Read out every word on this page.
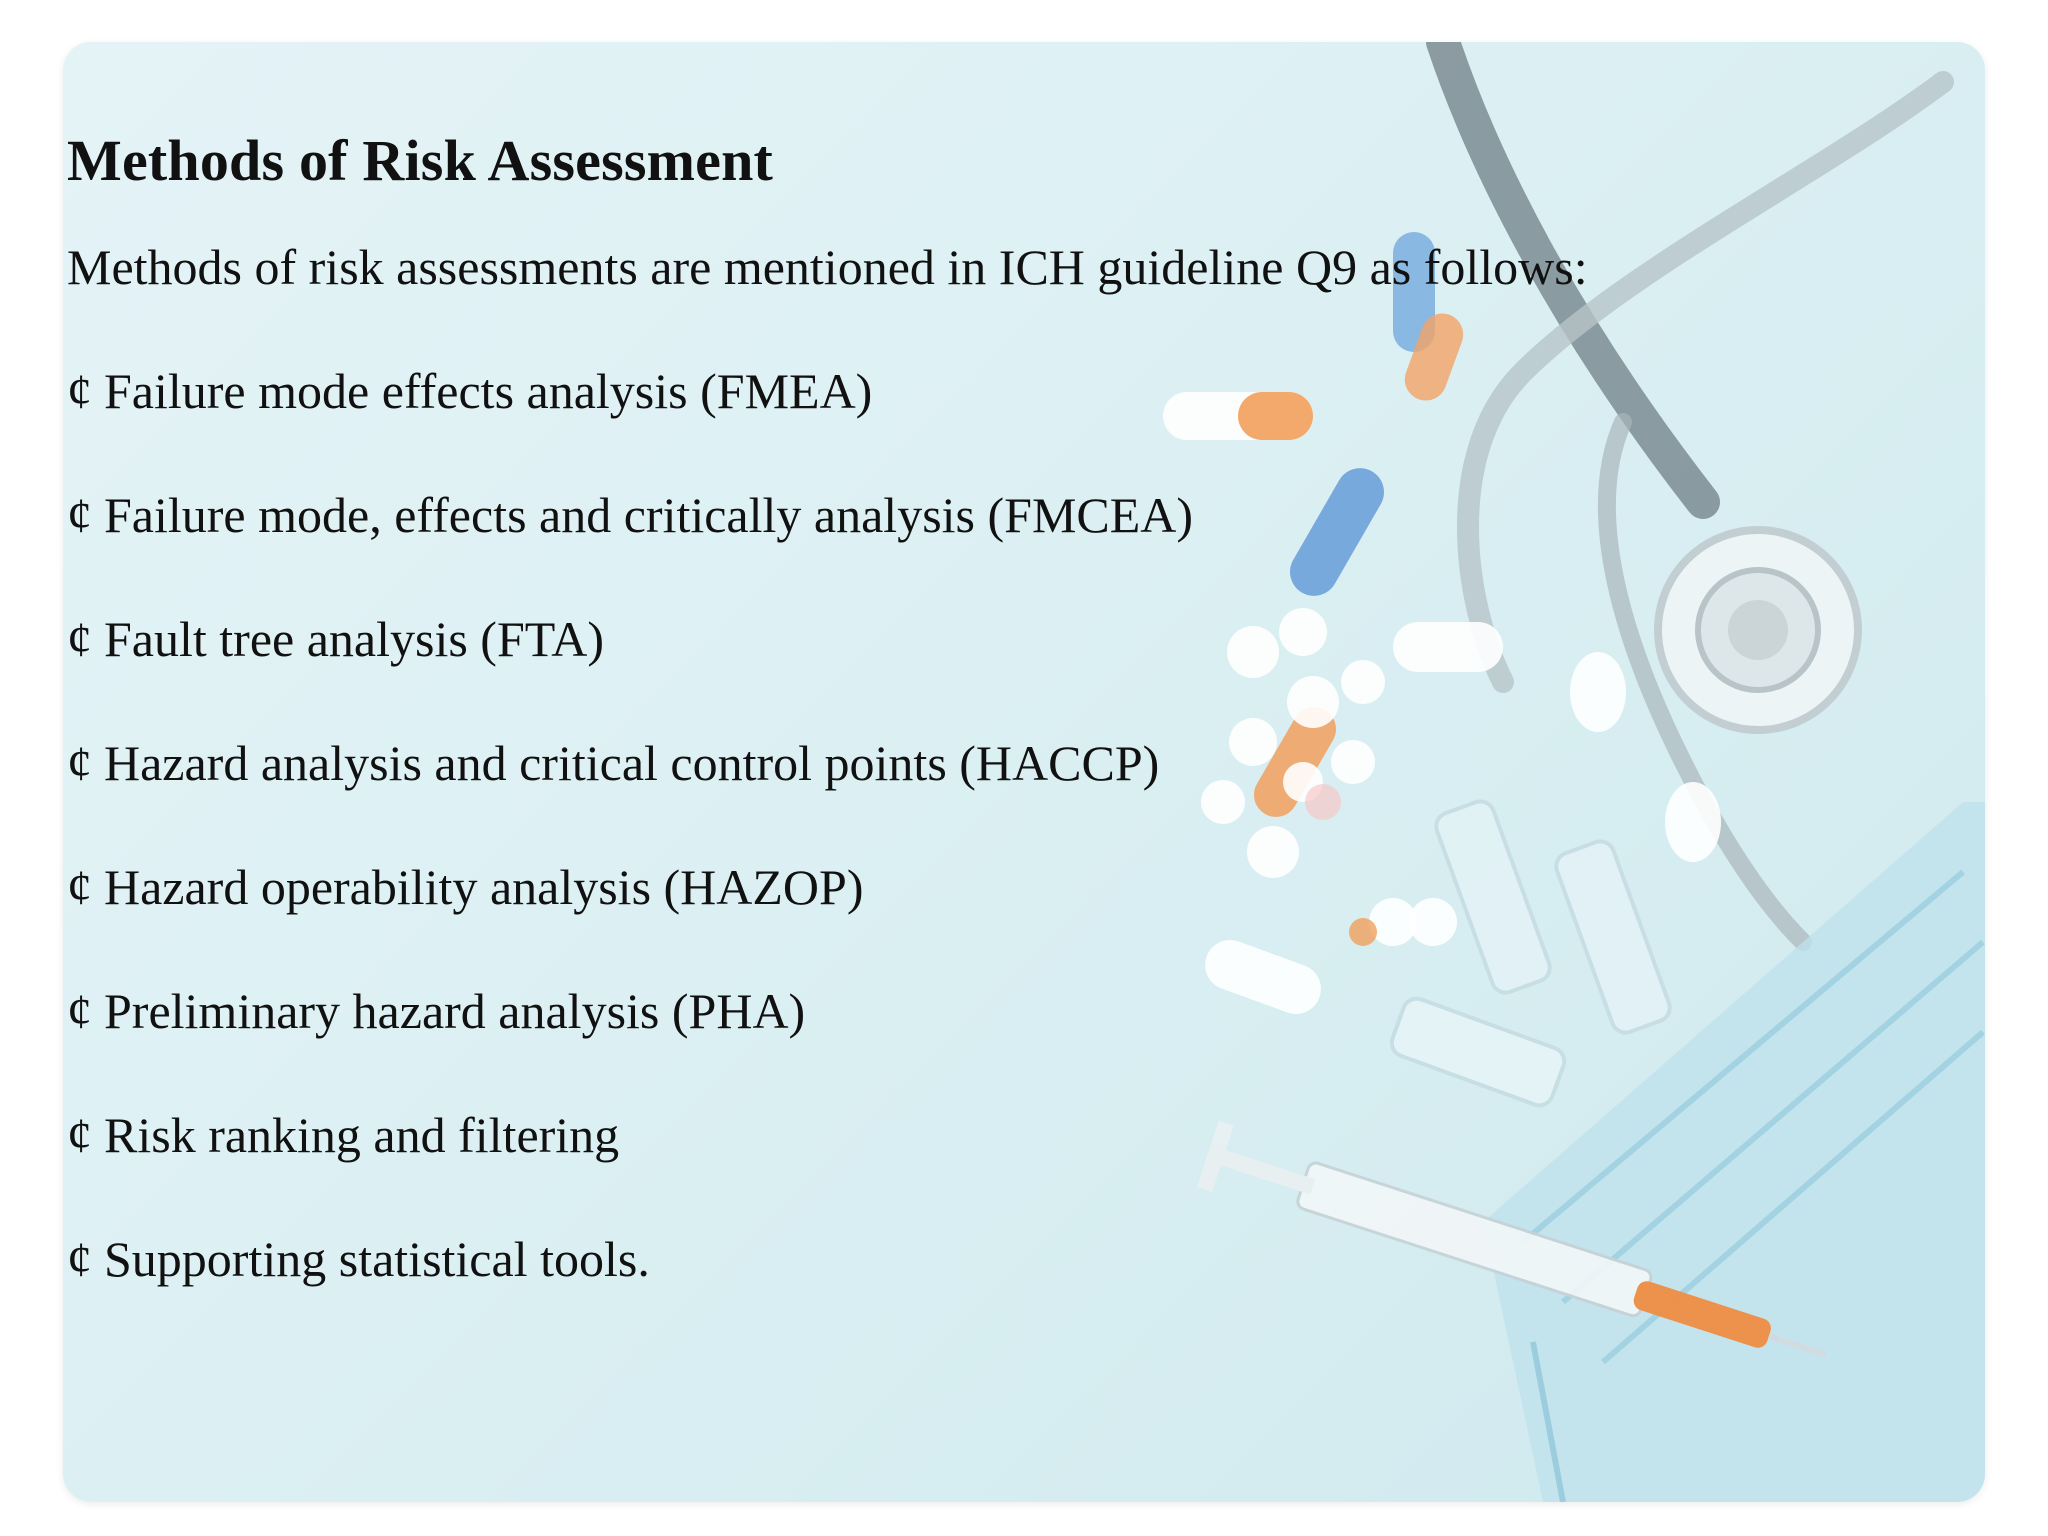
Methods of Risk Assessment
Methods of risk assessments are mentioned in ICH guideline Q9 as follows:
¢ Failure mode effects analysis (FMEA)
¢ Failure mode, effects and critically analysis (FMCEA)
¢ Fault tree analysis (FTA)
¢ Hazard analysis and critical control points (HACCP)
¢ Hazard operability analysis (HAZOP)
¢ Preliminary hazard analysis (PHA)
¢ Risk ranking and filtering
¢ Supporting statistical tools.
